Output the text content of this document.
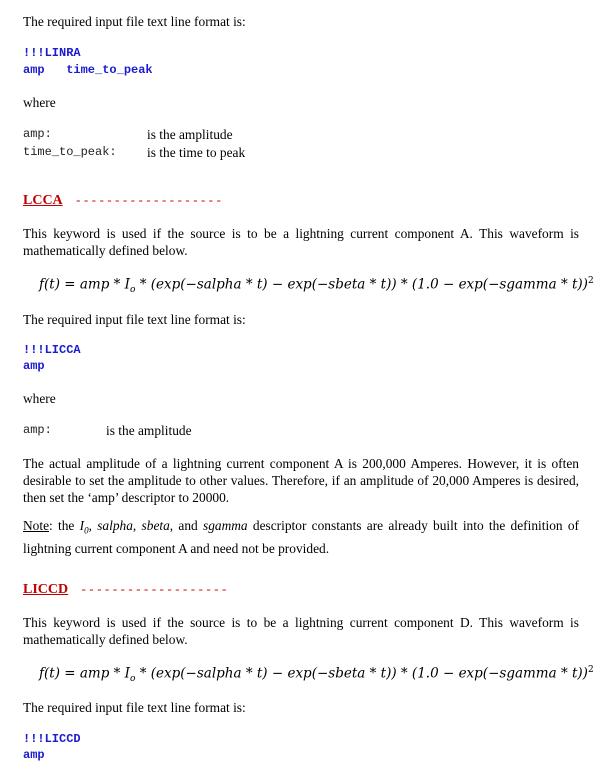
The required input file text line format is:
!!!LINRA
amp   time_to_peak
where
amp:	is the amplitude
time_to_peak: is the time to peak
LCCA -------------------
This keyword is used if the source is to be a lightning current component A. This waveform is mathematically defined below.
f(t) = amp * $I_o$ * (exp(−salpha * t) − exp(−sbeta * t)) * (1.0 − exp(−sgamma * t))$^2$
The required input file text line format is:
!!!LICCA
amp
where
amp:	is the amplitude
The actual amplitude of a lightning current component A is 200,000 Amperes. However, it is often desirable to set the amplitude to other values. Therefore, if an amplitude of 20,000 Amperes is desired, then set the ‘amp’ descriptor to 20000.
Note: the $I_0$, salpha, sbeta, and sgamma descriptor constants are already built into the definition of lightning current component A and need not be provided.
LICCD -------------------
This keyword is used if the source is to be a lightning current component D. This waveform is mathematically defined below.
f(t) = amp * $I_o$ * (exp(−salpha * t) − exp(−sbeta * t)) * (1.0 − exp(−sgamma * t))$^2$
The required input file text line format is:
!!!LICCD
amp
